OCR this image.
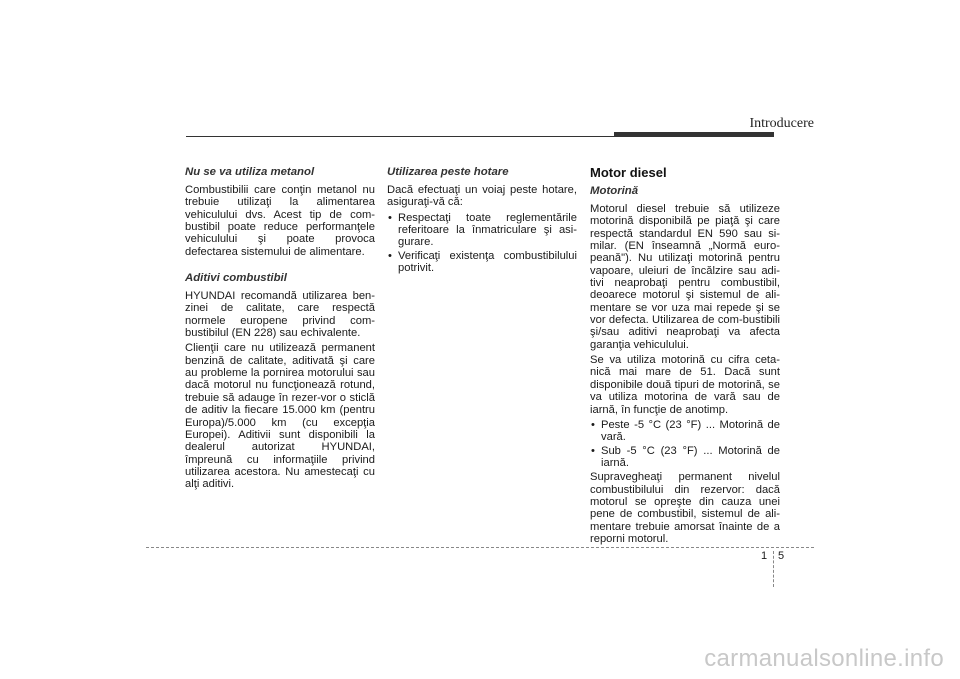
Introducere
Nu se va utiliza metanol

Combustibilii care conţin metanol nu trebuie utilizaţi la alimentarea vehiculului dvs. Acest tip de com-bustibil poate reduce performanţele vehiculului şi poate provoca defectarea sistemului de alimentare.

Aditivi combustibil

HYUNDAI recomandă utilizarea ben-zinei de calitate, care respectă normele europene privind com-bustibilul (EN 228) sau echivalente.

Clienţii care nu utilizează permanent benzină de calitate, aditivată şi care au probleme la pornirea motorului sau dacă motorul nu funcţionează rotund, trebuie să adauge în rezer-vor o sticlă de aditiv la fiecare 15.000 km (pentru Europa)/5.000 km (cu excepţia Europei). Aditivii sunt disponibili la dealerul autorizat HYUNDAI, împreună cu informaţiile privind utilizarea acestora. Nu amestecaţi cu alţi aditivi.

Utilizarea peste hotare

Dacă efectuaţi un voiaj peste hotare, asiguraţi-vă că:

• Respectaţi toate reglementările referitoare la înmatriculare şi asi-gurare.
• Verificaţi existenţa combustibilului potrivit.
Motor diesel
Motorină

Motorul diesel trebuie să utilizeze motorină disponibilă pe piaţă şi care respectă standardul EN 590 sau si-milar. (EN înseamnă „Normă euro-peană"). Nu utilizaţi motorină pentru vapoare, uleiuri de încălzire sau adi-tivi neaprobaţi pentru combustibil, deoarece motorul şi sistemul de ali-mentare se vor uza mai repede şi se vor defecta. Utilizarea de com-bustibili şi/sau aditivi neaprobaţi va afecta garanţia vehiculului.

Se va utiliza motorină cu cifra ceta-nică mai mare de 51. Dacă sunt disponibile două tipuri de motorină, se va utiliza motorina de vară sau de iarnă, în funcţie de anotimp.

• Peste -5 °C (23 °F) ... Motorină de vară.
• Sub -5 °C (23 °F) ... Motorină de iarnă.

Supravegheaţi permanent nivelul combustibilului din rezervor: dacă motorul se opreşte din cauza unei pene de combustibil, sistemul de ali-mentare trebuie amorsat înainte de a reporni motorul.

1 5
carmanualsonline.info
